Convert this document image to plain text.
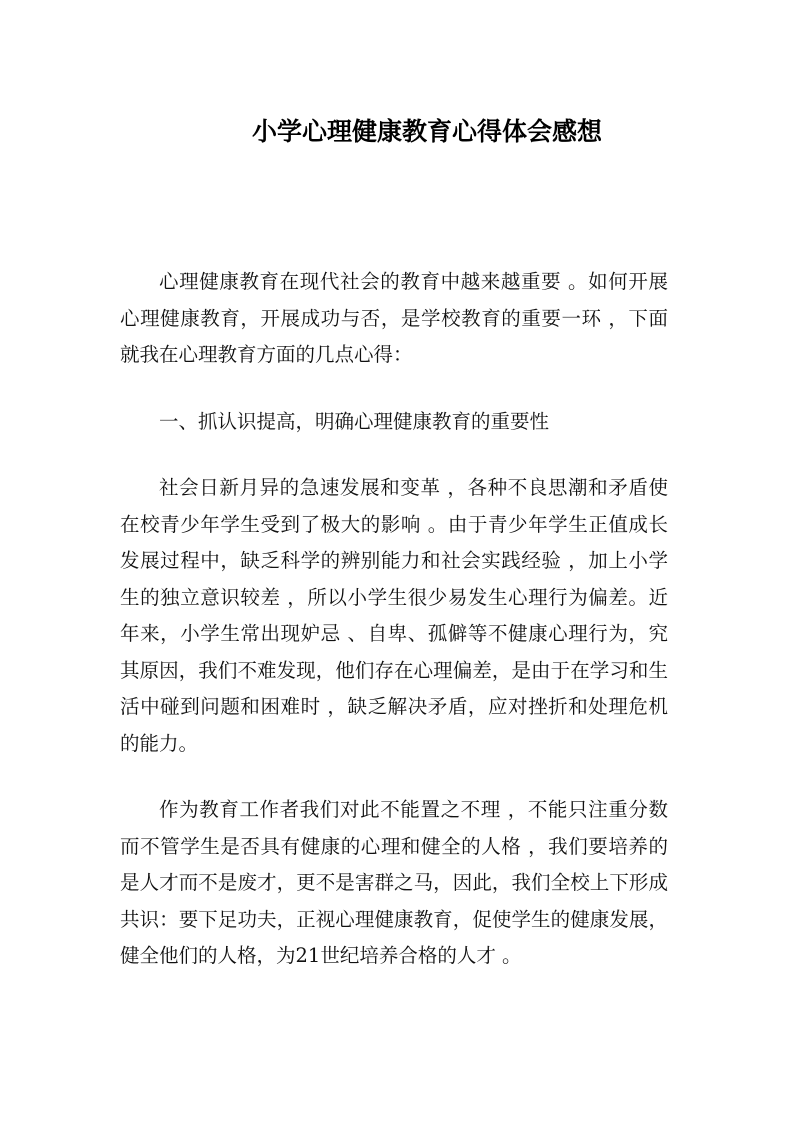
小学心理健康教育心得体会感想

心理健康教育在现代社会的教育中越来越重要 。如何开展心理健康教育，开展成功与否，是学校教育的重要一环 ，下面就我在心理教育方面的几点心得：

一、抓认识提高，明确心理健康教育的重要性

社会日新月异的急速发展和变革 ，各种不良思潮和矛盾使在校青少年学生受到了极大的影响 。由于青少年学生正值成长发展过程中，缺乏科学的辨别能力和社会实践经验 ，加上小学生的独立意识较差 ，所以小学生很少易发生心理行为偏差。近年来，小学生常出现妒忌 、自卑、孤僻等不健康心理行为，究其原因，我们不难发现，他们存在心理偏差，是由于在学习和生活中碰到问题和困难时 ，缺乏解决矛盾，应对挫折和处理危机的能力。

作为教育工作者我们对此不能置之不理 ，不能只注重分数而不管学生是否具有健康的心理和健全的人格 ，我们要培养的是人才而不是废才，更不是害群之马，因此，我们全校上下形成共识：要下足功夫，正视心理健康教育，促使学生的健康发展，健全他们的人格，为21世纪培养合格的人才 。
